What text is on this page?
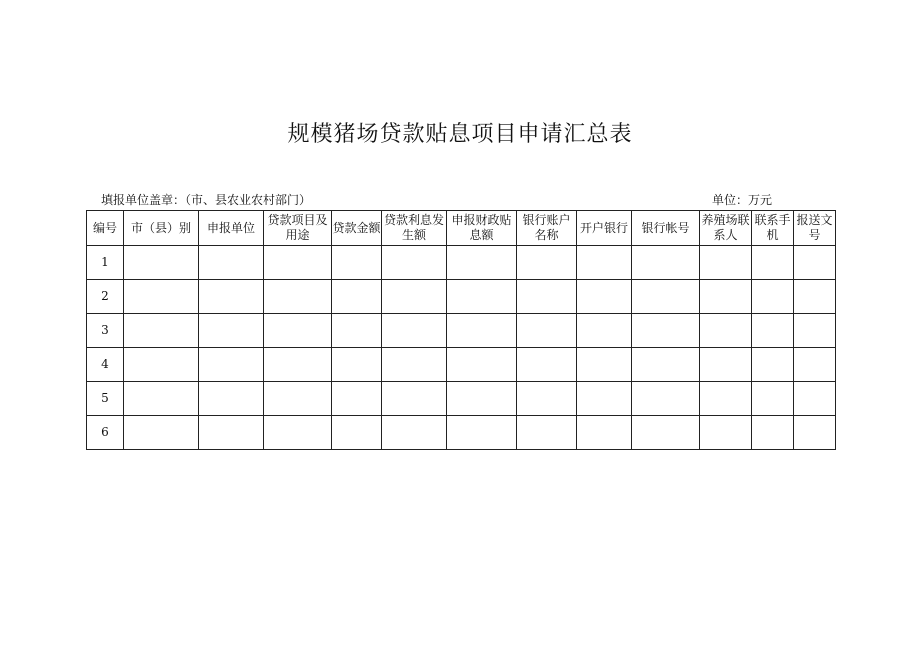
规模猪场贷款贴息项目申请汇总表
填报单位盖章：（市、县农业农村部门）	单位：万元
编号	市（县）别	申报单位	贷款项目及用途	贷款金额	贷款利息发生额	申报财政贴息额	银行账户名称	开户银行	银行帐号	养殖场联系人	联系手机	报送文号
1												
2												
3												
4												
5												
6												
